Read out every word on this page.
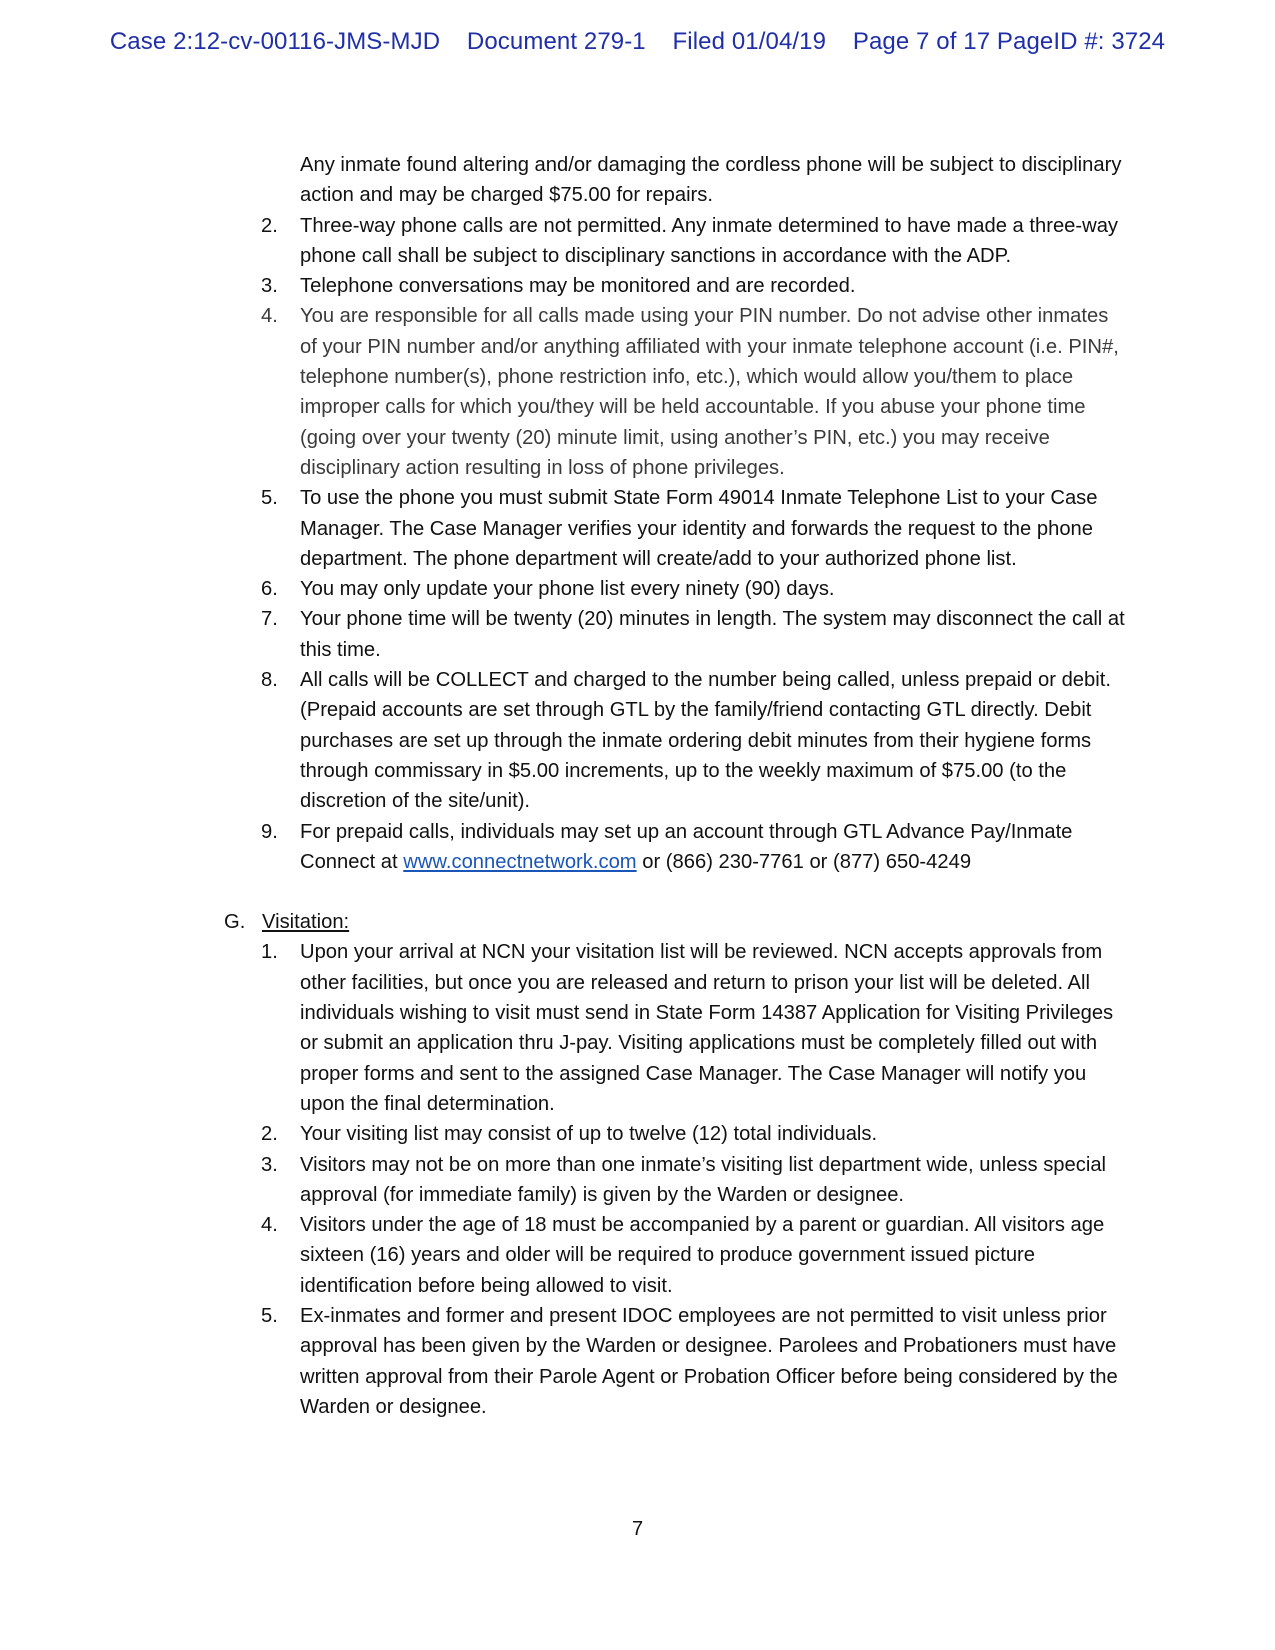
Case 2:12-cv-00116-JMS-MJD Document 279-1 Filed 01/04/19 Page 7 of 17 PageID #: 3724
Any inmate found altering and/or damaging the cordless phone will be subject to disciplinary action and may be charged $75.00 for repairs.
2. Three-way phone calls are not permitted. Any inmate determined to have made a three-way phone call shall be subject to disciplinary sanctions in accordance with the ADP.
3. Telephone conversations may be monitored and are recorded.
4. You are responsible for all calls made using your PIN number. Do not advise other inmates of your PIN number and/or anything affiliated with your inmate telephone account (i.e. PIN#, telephone number(s), phone restriction info, etc.), which would allow you/them to place improper calls for which you/they will be held accountable. If you abuse your phone time (going over your twenty (20) minute limit, using another’s PIN, etc.) you may receive disciplinary action resulting in loss of phone privileges.
5. To use the phone you must submit State Form 49014 Inmate Telephone List to your Case Manager. The Case Manager verifies your identity and forwards the request to the phone department. The phone department will create/add to your authorized phone list.
6. You may only update your phone list every ninety (90) days.
7. Your phone time will be twenty (20) minutes in length. The system may disconnect the call at this time.
8. All calls will be COLLECT and charged to the number being called, unless prepaid or debit. (Prepaid accounts are set through GTL by the family/friend contacting GTL directly. Debit purchases are set up through the inmate ordering debit minutes from their hygiene forms through commissary in $5.00 increments, up to the weekly maximum of $75.00 (to the discretion of the site/unit).
9. For prepaid calls, individuals may set up an account through GTL Advance Pay/Inmate Connect at www.connectnetwork.com or (866) 230-7761 or (877) 650-4249
G. Visitation:
1. Upon your arrival at NCN your visitation list will be reviewed. NCN accepts approvals from other facilities, but once you are released and return to prison your list will be deleted. All individuals wishing to visit must send in State Form 14387 Application for Visiting Privileges or submit an application thru J-pay. Visiting applications must be completely filled out with proper forms and sent to the assigned Case Manager. The Case Manager will notify you upon the final determination.
2. Your visiting list may consist of up to twelve (12) total individuals.
3. Visitors may not be on more than one inmate’s visiting list department wide, unless special approval (for immediate family) is given by the Warden or designee.
4. Visitors under the age of 18 must be accompanied by a parent or guardian. All visitors age sixteen (16) years and older will be required to produce government issued picture identification before being allowed to visit.
5. Ex-inmates and former and present IDOC employees are not permitted to visit unless prior approval has been given by the Warden or designee. Parolees and Probationers must have written approval from their Parole Agent or Probation Officer before being considered by the Warden or designee.
7
